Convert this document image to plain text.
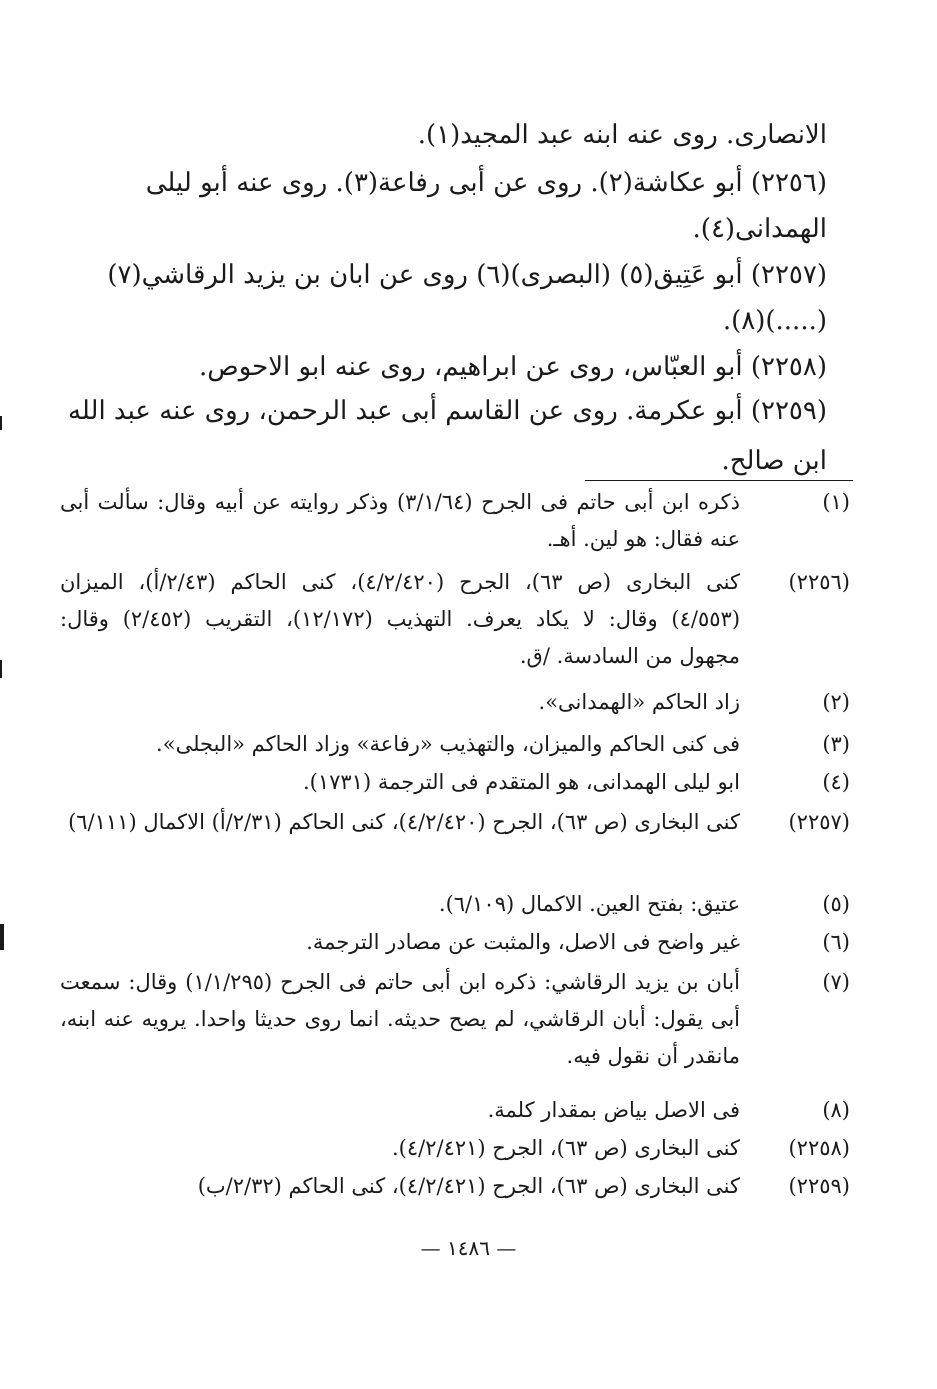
الانصارى. روى عنه ابنه عبد المجيد(١).
(٢٢٥٦) أبو عكاشة(٢). روى عن أبى رفاعة(٣). روى عنه أبو ليلى
الهمدانى(٤).
(٢٢٥٧) أبو عَتِيق(٥) (البصرى)(٦) روى عن ابان بن يزيد الرقاشي(٧)
(.....)(٨).
(٢٢٥٨) أبو العبّاس، روى عن ابراهيم، روى عنه ابو الاحوص.
(٢٢٥٩) أبو عكرمة. روى عن القاسم أبى عبد الرحمن، روى عنه عبد الله
ابن صالح.
(١)
ذكره ابن أبى حاتم فى الجرح (٣/١/٦٤) وذكر روايته عن أبيه وقال: سألت أبى عنه فقال: هو لين. أهـ.
(٢٢٥٦)
كنى البخارى (ص ٦٣)، الجرح (٤/٢/٤٢٠)، كنى الحاكم (٢/٤٣/أ)، الميزان (٤/٥٥٣) وقال: لا يكاد يعرف. التهذيب (١٢/١٧٢)، التقريب (٢/٤٥٢) وقال: مجهول من السادسة. /ق.
(٢)
زاد الحاكم «الهمدانى».
(٣)
فى كنى الحاكم والميزان، والتهذيب «رفاعة» وزاد الحاكم «البجلى».
(٤)
ابو ليلى الهمدانى، هو المتقدم فى الترجمة (١٧٣١).
(٢٢٥٧)
كنى البخارى (ص ٦٣)، الجرح (٤/٢/٤٢٠)، كنى الحاكم (٢/٣١/أ) الاكمال (٦/١١١)
(٥)
عتيق: بفتح العين. الاكمال (٦/١٠٩).
(٦)
غير واضح فى الاصل، والمثبت عن مصادر الترجمة.
(٧)
أبان بن يزيد الرقاشي: ذكره ابن أبى حاتم فى الجرح (١/١/٢٩٥) وقال: سمعت أبى يقول: أبان الرقاشي، لم يصح حديثه. انما روى حديثا واحدا. يرويه عنه ابنه، مانقدر أن نقول فيه.
(٨)
فى الاصل بياض بمقدار كلمة.
(٢٢٥٨)
كنى البخارى (ص ٦٣)، الجرح (٤/٢/٤٢١).
(٢٢٥٩)
كنى البخارى (ص ٦٣)، الجرح (٤/٢/٤٢١)، كنى الحاكم (٢/٣٢/ب)
— ١٤٨٦ —
